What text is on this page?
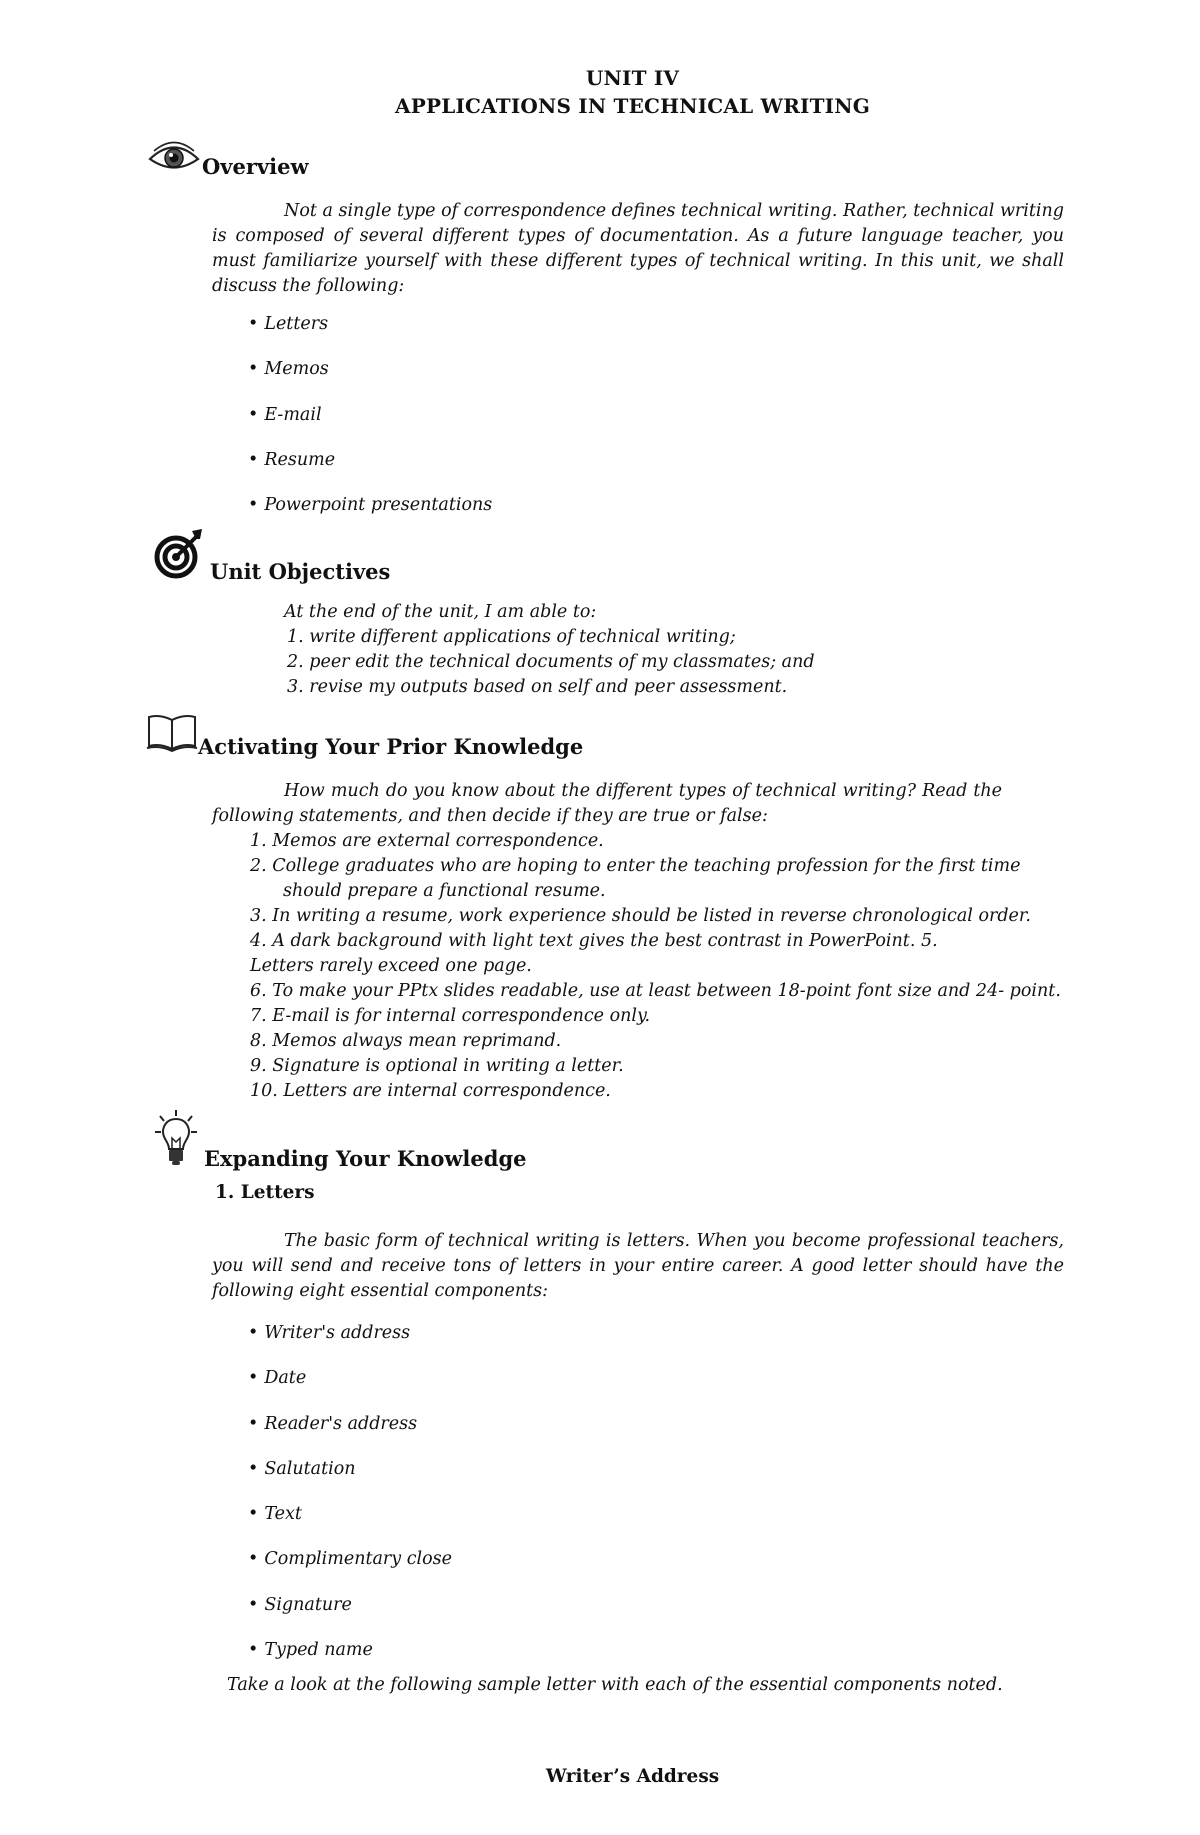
UNIT IV
APPLICATIONS IN TECHNICAL WRITING
Overview
Not a single type of correspondence defines technical writing. Rather, technical writing is composed of several different types of documentation. As a future language teacher, you must familiarize yourself with these different types of technical writing. In this unit, we shall discuss the following:
• Letters
• Memos
• E-mail
• Resume
• Powerpoint presentations
Unit Objectives
At the end of the unit, I am able to:
1. write different applications of technical writing;
2. peer edit the technical documents of my classmates; and
3. revise my outputs based on self and peer assessment.
Activating Your Prior Knowledge
How much do you know about the different types of technical writing? Read the following statements, and then decide if they are true or false:
1. Memos are external correspondence.
2. College graduates who are hoping to enter the teaching profession for the first time
should prepare a functional resume.
3. In writing a resume, work experience should be listed in reverse chronological order.
4. A dark background with light text gives the best contrast in PowerPoint. 5.
Letters rarely exceed one page.
6. To make your PPtx slides readable, use at least between 18-point font size and 24- point.
7. E-mail is for internal correspondence only.
8. Memos always mean reprimand.
9. Signature is optional in writing a letter.
10. Letters are internal correspondence.
Expanding Your Knowledge
1. Letters
The basic form of technical writing is letters. When you become professional teachers, you will send and receive tons of letters in your entire career. A good letter should have the following eight essential components:
• Writer's address
• Date
• Reader's address
• Salutation
• Text
• Complimentary close
• Signature
• Typed name
Take a look at the following sample letter with each of the essential components noted.
Writer’s Address
